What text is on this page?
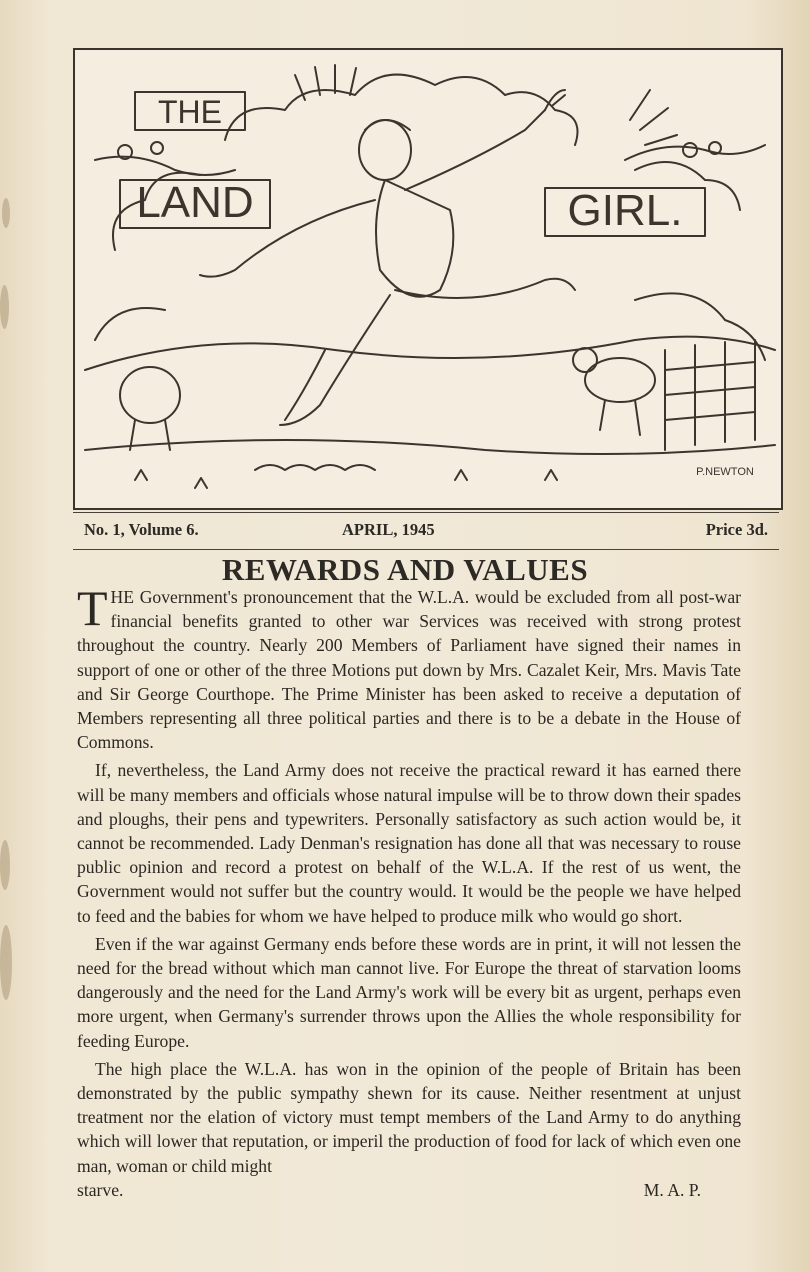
THE
LAND	GIRL.
P.NEWTON
No. 1, Volume 6.	APRIL, 1945	Price 3d.
REWARDS AND VALUES

THE Government's pronouncement that the W.L.A. would be excluded from all post-war financial benefits granted to other war Services was received with strong protest throughout the country. Nearly 200 Members of Parliament have signed their names in support of one or other of the three Motions put down by Mrs. Cazalet Keir, Mrs. Mavis Tate and Sir George Courthope. The Prime Minister has been asked to receive a deputation of Members representing all three political parties and there is to be a debate in the House of Commons.

If, nevertheless, the Land Army does not receive the practical reward it has earned there will be many members and officials whose natural impulse will be to throw down their spades and ploughs, their pens and typewriters. Personally satisfactory as such action would be, it cannot be recommended. Lady Denman's resignation has done all that was necessary to rouse public opinion and record a protest on behalf of the W.L.A. If the rest of us went, the Government would not suffer but the country would. It would be the people we have helped to feed and the babies for whom we have helped to produce milk who would go short.

Even if the war against Germany ends before these words are in print, it will not lessen the need for the bread without which man cannot live. For Europe the threat of starvation looms dangerously and the need for the Land Army's work will be every bit as urgent, perhaps even more urgent, when Germany's surrender throws upon the Allies the whole responsibility for feeding Europe.

The high place the W.L.A. has won in the opinion of the people of Britain has been demonstrated by the public sympathy shewn for its cause. Neither resentment at unjust treatment nor the elation of victory must tempt members of the Land Army to do anything which will lower that reputation, or imperil the production of food for lack of which even one man, woman or child might

starve.	M. A. P.
